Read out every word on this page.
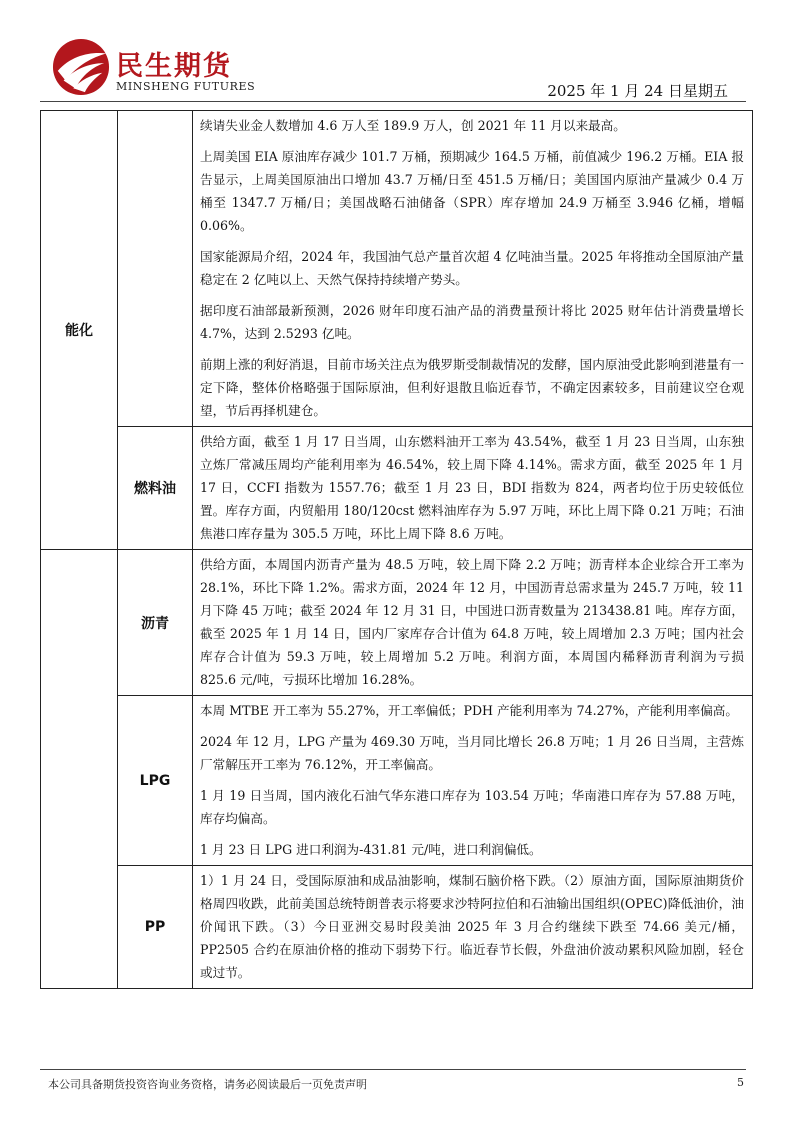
民生期货
MINSHENG FUTURES	2025 年 1 月 24 日星期五
能化		续请失业金人数增加 4.6 万人至 189.9 万人，创 2021 年 11 月以来最高。

上周美国 EIA 原油库存减少 101.7 万桶，预期减少 164.5 万桶，前值减少 196.2 万桶。EIA 报告显示，上周美国原油出口增加 43.7 万桶/日至 451.5 万桶/日；美国国内原油产量减少 0.4 万桶至 1347.7 万桶/日；美国战略石油储备（SPR）库存增加 24.9 万桶至 3.946 亿桶，增幅 0.06%。

国家能源局介绍，2024 年，我国油气总产量首次超 4 亿吨油当量。2025 年将推动全国原油产量稳定在 2 亿吨以上、天然气保持持续增产势头。

据印度石油部最新预测，2026 财年印度石油产品的消费量预计将比 2025 财年估计消费量增长 4.7%，达到 2.5293 亿吨。

前期上涨的利好消退，目前市场关注点为俄罗斯受制裁情况的发酵，国内原油受此影响到港量有一定下降，整体价格略强于国际原油，但利好退散且临近春节，不确定因素较多，目前建议空仓观望，节后再择机建仓。

	燃料油	供给方面，截至 1 月 17 日当周，山东燃料油开工率为 43.54%，截至 1 月 23 日当周，山东独立炼厂常减压周均产能利用率为 46.54%，较上周下降 4.14%。需求方面，截至 2025 年 1 月 17 日，CCFI 指数为 1557.76；截至 1 月 23 日，BDI 指数为 824，两者均位于历史较低位置。库存方面，内贸船用 180/120cst 燃料油库存为 5.97 万吨，环比上周下降 0.21 万吨；石油焦港口库存量为 305.5 万吨，环比上周下降 8.6 万吨。

	沥青	供给方面，本周国内沥青产量为 48.5 万吨，较上周下降 2.2 万吨；沥青样本企业综合开工率为 28.1%，环比下降 1.2%。需求方面，2024 年 12 月，中国沥青总需求量为 245.7 万吨，较 11 月下降 45 万吨；截至 2024 年 12 月 31 日，中国进口沥青数量为 213438.81 吨。库存方面，截至 2025 年 1 月 14 日，国内厂家库存合计值为 64.8 万吨，较上周增加 2.3 万吨；国内社会库存合计值为 59.3 万吨，较上周增加 5.2 万吨。利润方面，本周国内稀释沥青利润为亏损 825.6 元/吨，亏损环比增加 16.28%。

	LPG	本周 MTBE 开工率为 55.27%，开工率偏低；PDH 产能利用率为 74.27%，产能利用率偏高。

2024 年 12 月，LPG 产量为 469.30 万吨，当月同比增长 26.8 万吨；1 月 26 日当周，主营炼厂常解压开工率为 76.12%，开工率偏高。

1 月 19 日当周，国内液化石油气华东港口库存为 103.54 万吨；华南港口库存为 57.88 万吨，库存均偏高。

1 月 23 日 LPG 进口利润为-431.81 元/吨，进口利润偏低。

	PP	1）1 月 24 日，受国际原油和成品油影响，煤制石脑价格下跌。（2）原油方面，国际原油期货价格周四收跌，此前美国总统特朗普表示将要求沙特阿拉伯和石油输出国组织(OPEC)降低油价，油价闻讯下跌。（3）今日亚洲交易时段美油 2025 年 3 月合约继续下跌至 74.66 美元/桶，PP2505 合约在原油价格的推动下弱势下行。临近春节长假，外盘油价波动累积风险加剧，轻仓或过节。

本公司具备期货投资咨询业务资格，请务必阅读最后一页免责声明	5
